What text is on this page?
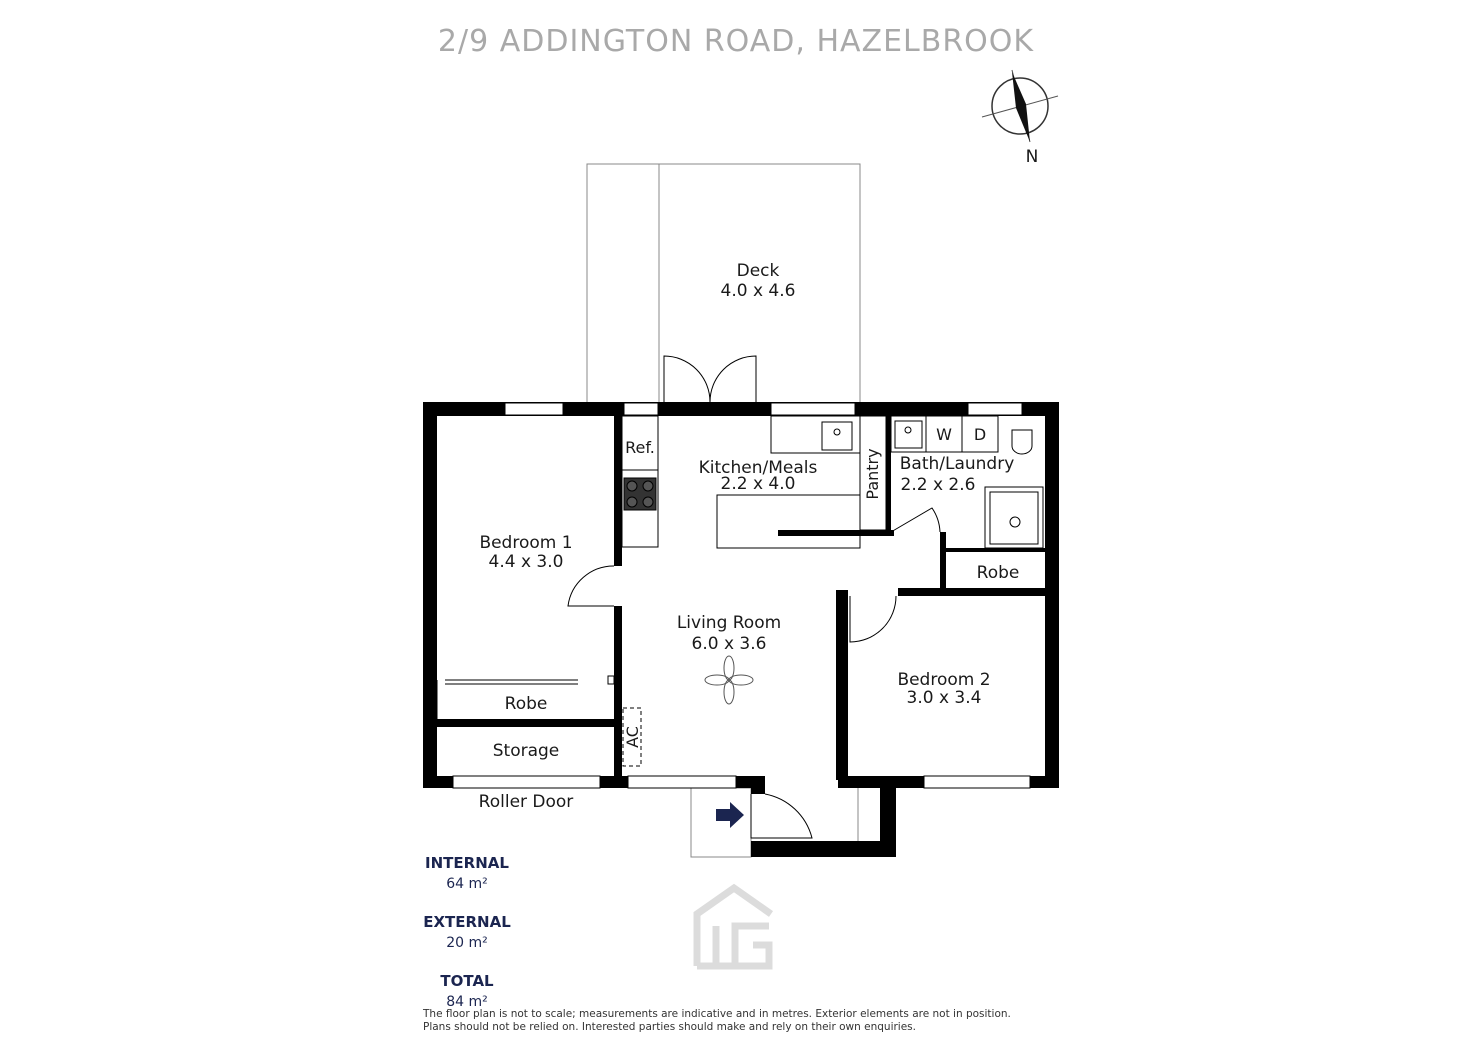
2/9 ADDINGTON ROAD, HAZELBROOK
N
Deck
4.0 x 4.6
Kitchen/Meals
2.2 x 4.0
Bath/Laundry
2.2 x 2.6
Bedroom 1
4.4 x 3.0
Living Room
6.0 x 3.6
Bedroom 2
3.0 x 3.4
Ref.
Pantry
W D
Robe
Robe
Storage
AC
Roller Door
INTERNAL
64 m²
EXTERNAL
20 m²
TOTAL
84 m²
The floor plan is not to scale; measurements are indicative and in metres. Exterior elements are not in position.
Plans should not be relied on. Interested parties should make and rely on their own enquiries.
